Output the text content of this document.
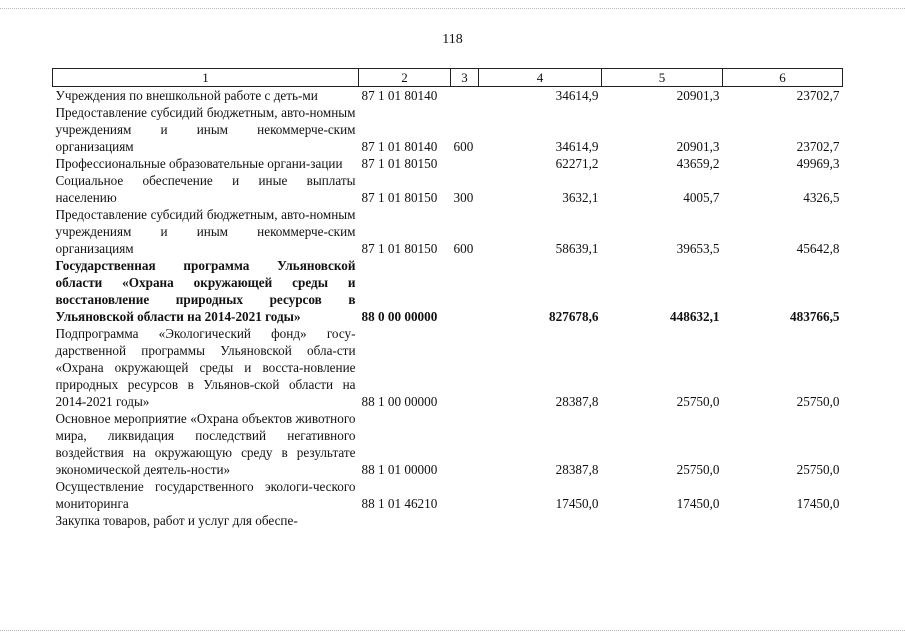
118
1	2	3	4	5	6
Учреждения по внешкольной работе с деть-ми	87 1 01 80140		34614,9	20901,3	23702,7
Предоставление субсидий бюджетным, авто-номным учреждениям и иным некоммерче-ским организациям	87 1 01 80140	600	34614,9	20901,3	23702,7
Профессиональные образовательные органи-зации	87 1 01 80150		62271,2	43659,2	49969,3
Социальное обеспечение и иные выплаты населению	87 1 01 80150	300	3632,1	4005,7	4326,5
Предоставление субсидий бюджетным, авто-номным учреждениям и иным некоммерче-ским организациям	87 1 01 80150	600	58639,1	39653,5	45642,8
Государственная программа Ульяновской области «Охрана окружающей среды и восстановление природных ресурсов в Ульяновской области на 2014-2021 годы»	88 0 00 00000		827678,6	448632,1	483766,5
Подпрограмма «Экологический фонд» госу-дарственной программы Ульяновской обла-сти «Охрана окружающей среды и восста-новление природных ресурсов в Ульянов-ской области на 2014-2021 годы»	88 1 00 00000		28387,8	25750,0	25750,0
Основное мероприятие «Охрана объектов животного мира, ликвидация последствий негативного воздействия на окружающую среду в результате экономической деятель-ности»	88 1 01 00000		28387,8	25750,0	25750,0
Осуществление государственного экологи-ческого мониторинга	88 1 01 46210		17450,0	17450,0	17450,0
Закупка товаров, работ и услуг для обеспе-					
